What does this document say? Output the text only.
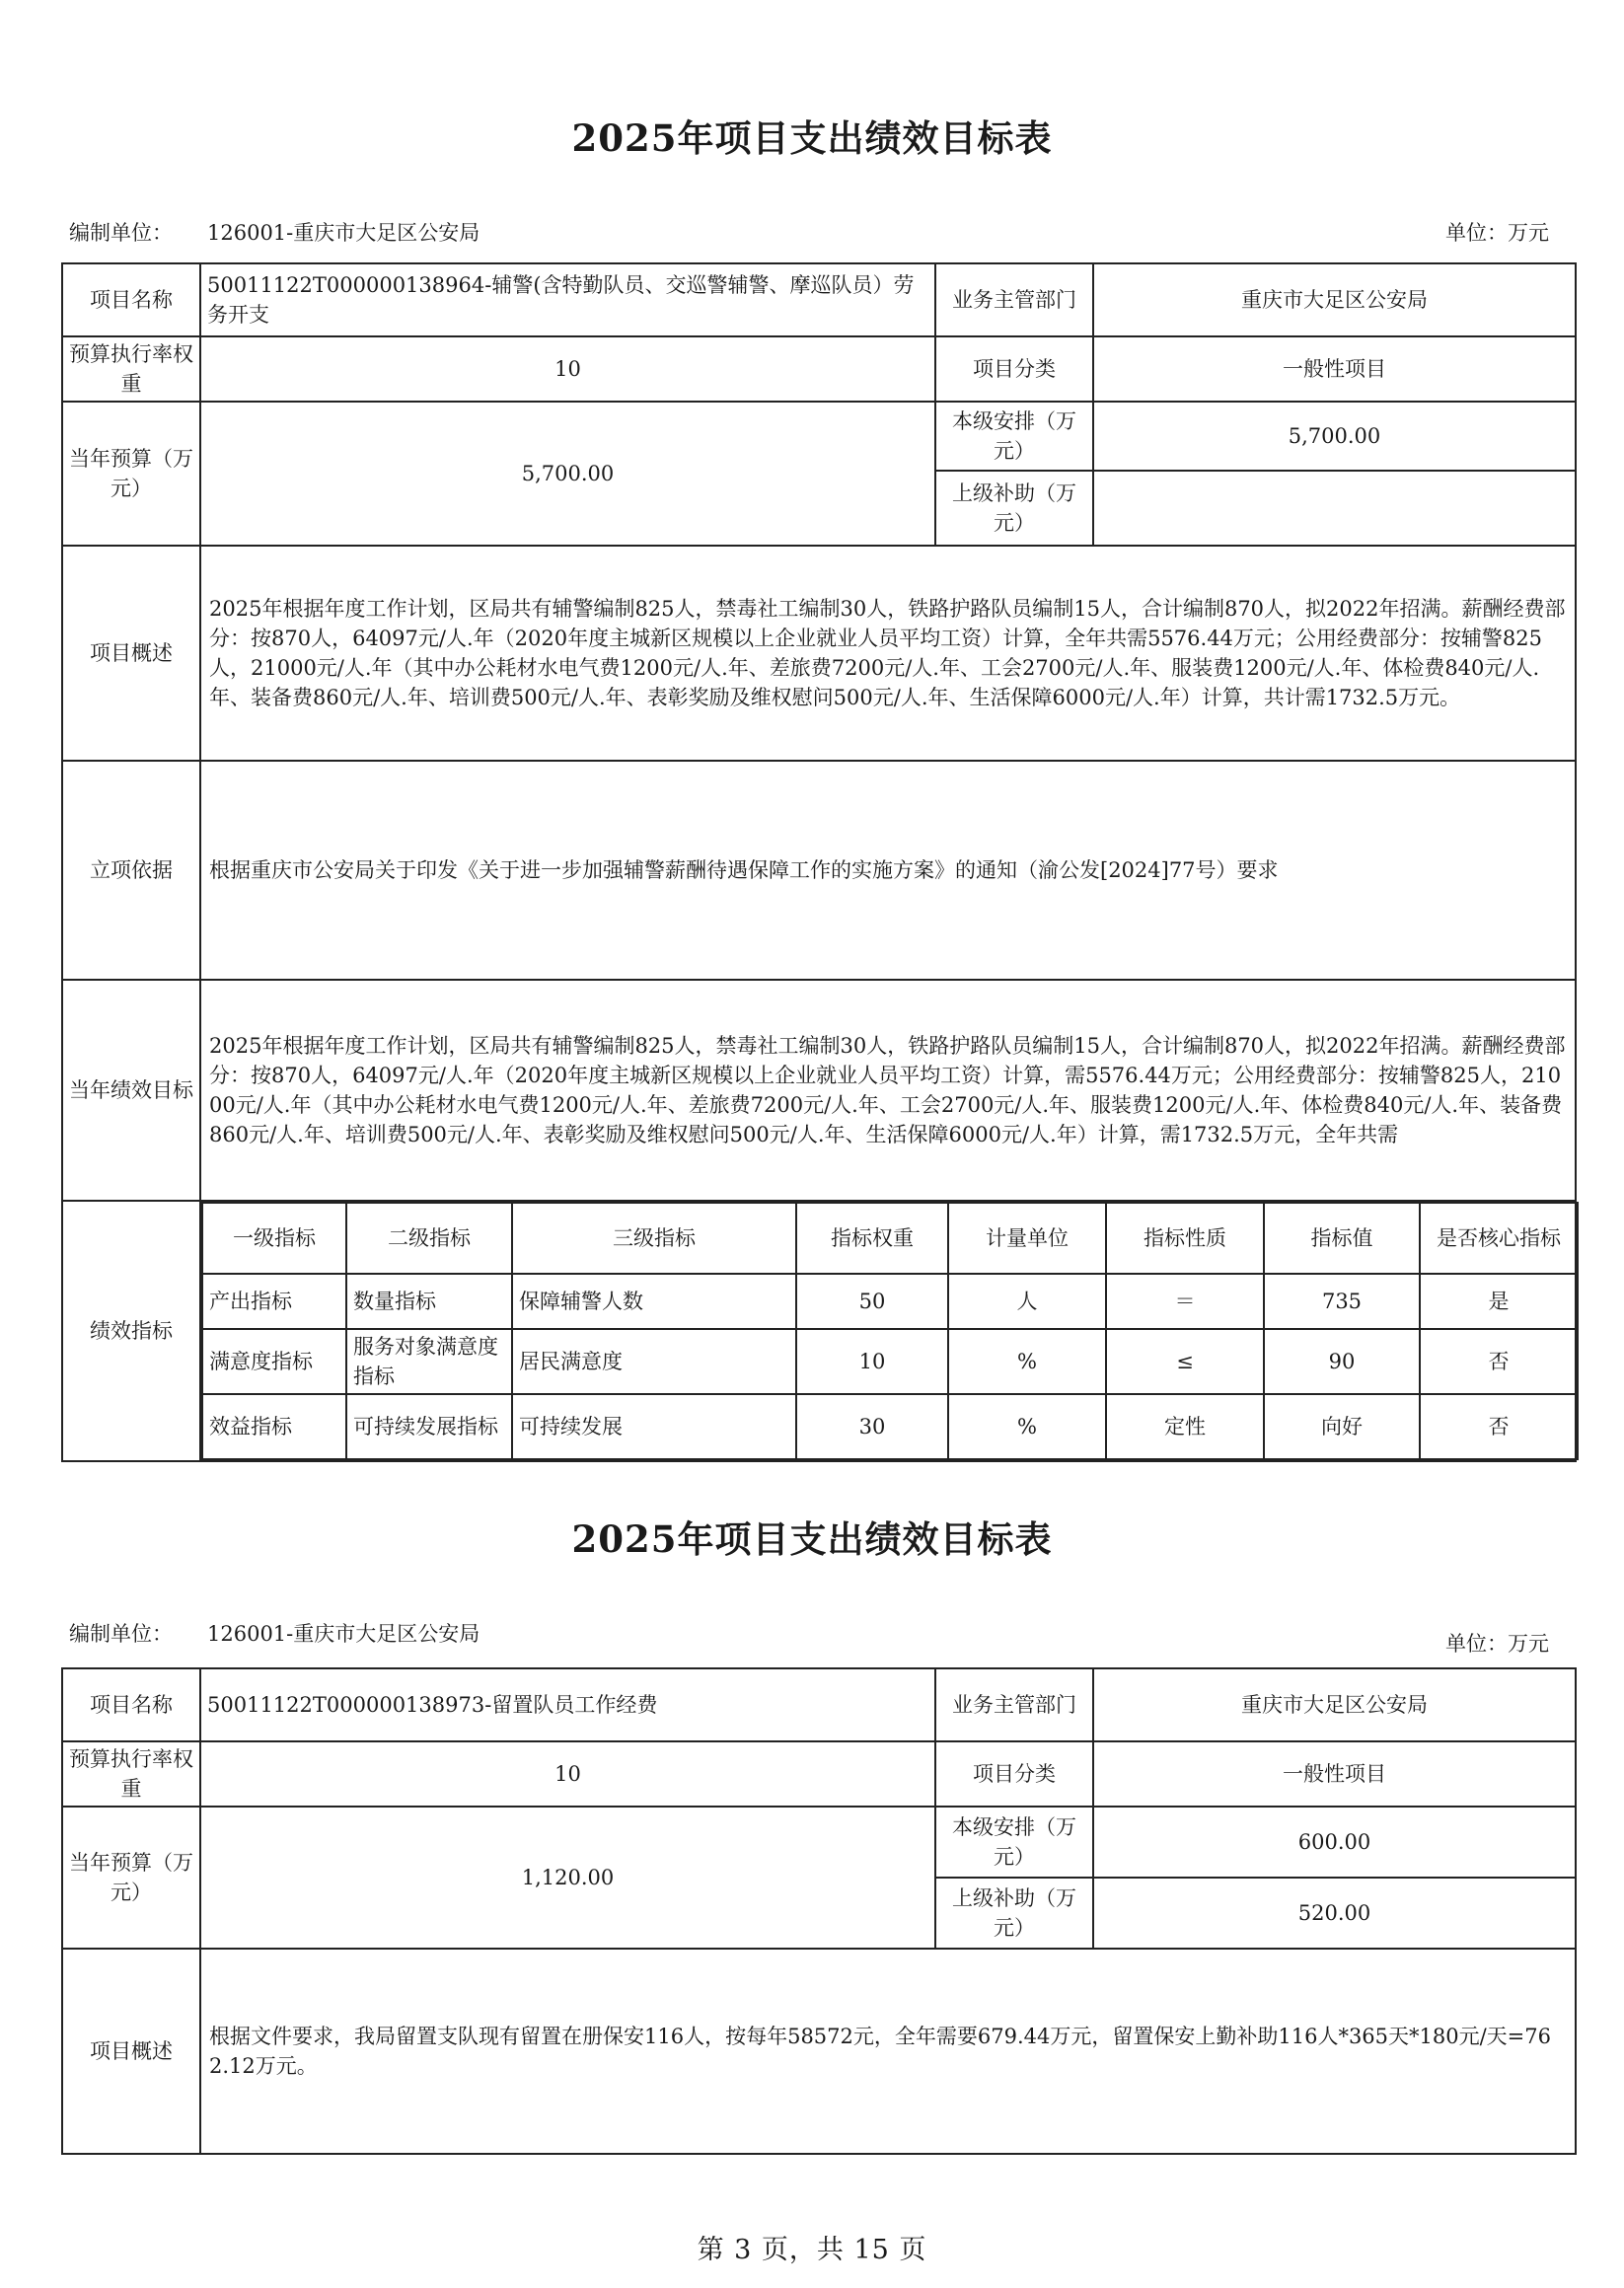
2025年项目支出绩效目标表
编制单位： 126001-重庆市大足区公安局	单位：万元
项目名称	50011122T000000138964-辅警(含特勤队员、交巡警辅警、摩巡队员）劳务开支	业务主管部门	重庆市大足区公安局
预算执行率权重	10	项目分类	一般性项目
当年预算（万元）	5,700.00	本级安排（万元）	5,700.00
上级补助（万元）	
项目概述	2025年根据年度工作计划，区局共有辅警编制825人，禁毒社工编制30人，铁路护路队员编制15人，合计编制870人，拟2022年招满。薪酬经费部分：按870人，64097元/人.年（2020年度主城新区规模以上企业就业人员平均工资）计算，全年共需5576.44万元；公用经费部分：按辅警825人，21000元/人.年（其中办公耗材水电气费1200元/人.年、差旅费7200元/人.年、工会2700元/人.年、服装费1200元/人.年、体检费840元/人.年、装备费860元/人.年、培训费500元/人.年、表彰奖励及维权慰问500元/人.年、生活保障6000元/人.年）计算，共计需1732.5万元。
立项依据	根据重庆市公安局关于印发《关于进一步加强辅警薪酬待遇保障工作的实施方案》的通知（渝公发[2024]77号）要求
当年绩效目标	2025年根据年度工作计划，区局共有辅警编制825人，禁毒社工编制30人，铁路护路队员编制15人，合计编制870人，拟2022年招满。薪酬经费部分：按870人，64097元/人.年（2020年度主城新区规模以上企业就业人员平均工资）计算，需5576.44万元；公用经费部分：按辅警825人，21000元/人.年（其中办公耗材水电气费1200元/人.年、差旅费7200元/人.年、工会2700元/人.年、服装费1200元/人.年、体检费840元/人.年、装备费860元/人.年、培训费500元/人.年、表彰奖励及维权慰问500元/人.年、生活保障6000元/人.年）计算，需1732.5万元，全年共需
绩效指标	
一级指标	二级指标	三级指标	指标权重	计量单位	指标性质	指标值	是否核心指标
产出指标	数量指标	保障辅警人数	50	人	＝	735	是
满意度指标	服务对象满意度指标	居民满意度	10	%	≤	90	否
效益指标	可持续发展指标	可持续发展	30	%	定性	向好	否
2025年项目支出绩效目标表
编制单位： 126001-重庆市大足区公安局	单位：万元
项目名称	50011122T000000138973-留置队员工作经费	业务主管部门	重庆市大足区公安局
预算执行率权重	10	项目分类	一般性项目
当年预算（万元）	1,120.00	本级安排（万元）	600.00
		上级补助（万元）	520.00
项目概述	根据文件要求，我局留置支队现有留置在册保安116人，按每年58572元，全年需要679.44万元，留置保安上勤补助116人*365天*180元/天=762.12万元。		
第 3 页，共 15 页
